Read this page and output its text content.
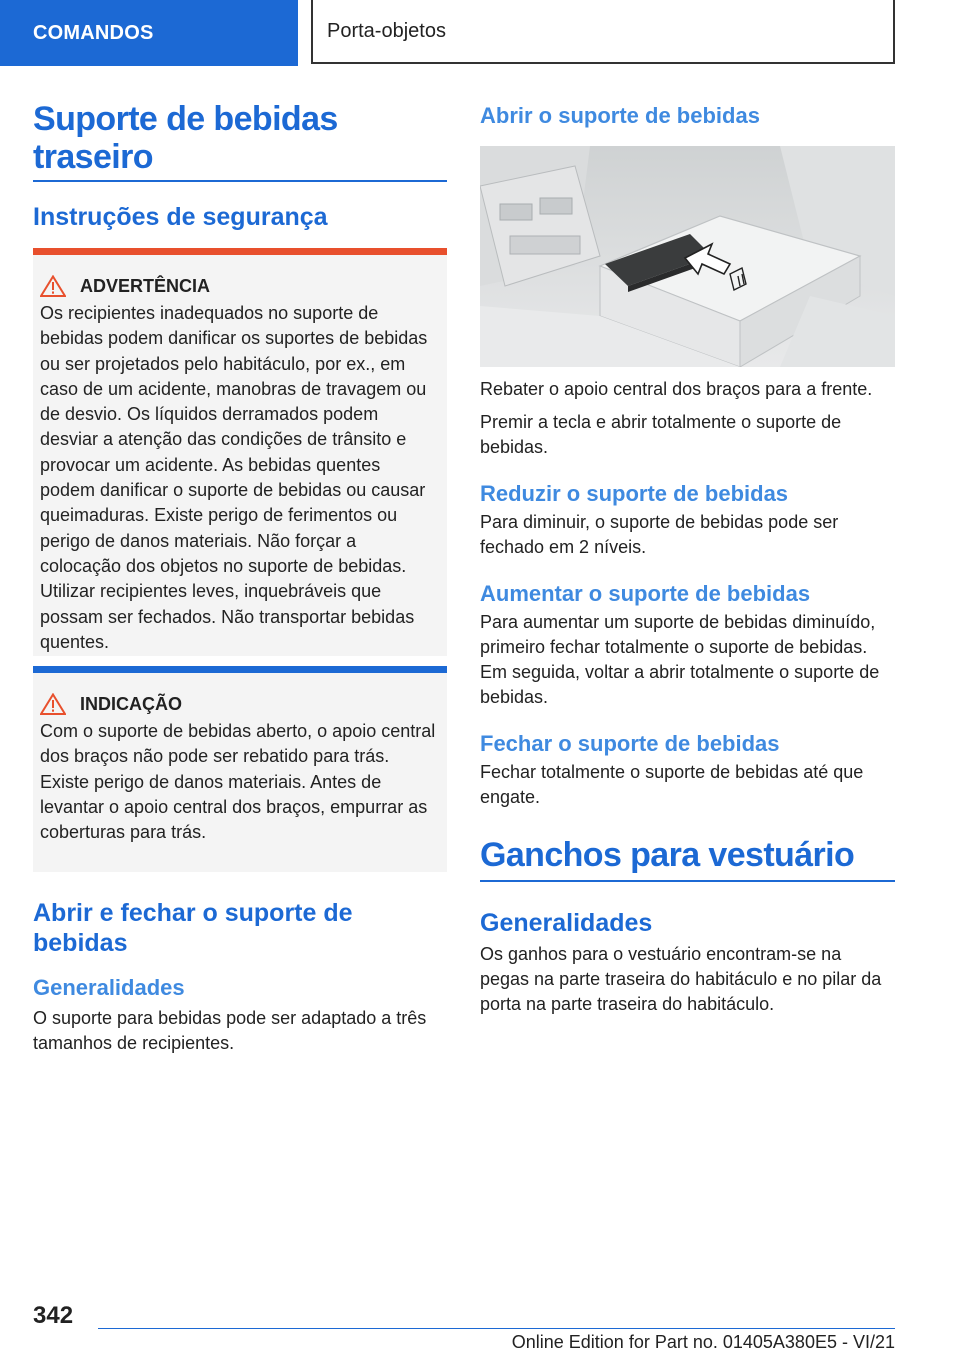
COMANDOS	Porta-objetos
Suporte de bebidas traseiro
Instruções de segurança
ADVERTÊNCIA

Os recipientes inadequados no suporte de bebidas podem danificar os suportes de bebidas ou ser projetados pelo habitáculo, por ex., em caso de um acidente, manobras de travagem ou de desvio. Os líquidos derramados podem desviar a atenção das condições de trânsito e provocar um acidente. As bebidas quentes podem danificar o suporte de bebidas ou causar queimaduras. Existe perigo de ferimentos ou perigo de danos materiais. Não forçar a colocação dos objetos no suporte de bebidas. Utilizar recipientes leves, inquebráveis que possam ser fechados. Não transportar bebidas quentes.

INDICAÇÃO

Com o suporte de bebidas aberto, o apoio central dos braços não pode ser rebatido para trás. Existe perigo de danos materiais. Antes de levantar o apoio central dos braços, empurrar as coberturas para trás.

Abrir e fechar o suporte de bebidas
Generalidades

O suporte para bebidas pode ser adaptado a três tamanhos de recipientes.

Abrir o suporte de bebidas

Rebater o apoio central dos braços para a frente.

Premir a tecla e abrir totalmente o suporte de bebidas.

Reduzir o suporte de bebidas

Para diminuir, o suporte de bebidas pode ser fechado em 2 níveis.

Aumentar o suporte de bebidas

Para aumentar um suporte de bebidas diminuído, primeiro fechar totalmente o suporte de bebidas. Em seguida, voltar a abrir totalmente o suporte de bebidas.

Fechar o suporte de bebidas

Fechar totalmente o suporte de bebidas até que engate.

Ganchos para vestuário
Generalidades

Os ganhos para o vestuário encontram-se na pegas na parte traseira do habitáculo e no pilar da porta na parte traseira do habitáculo.

342
Online Edition for Part no. 01405A380E5 - VI/21
